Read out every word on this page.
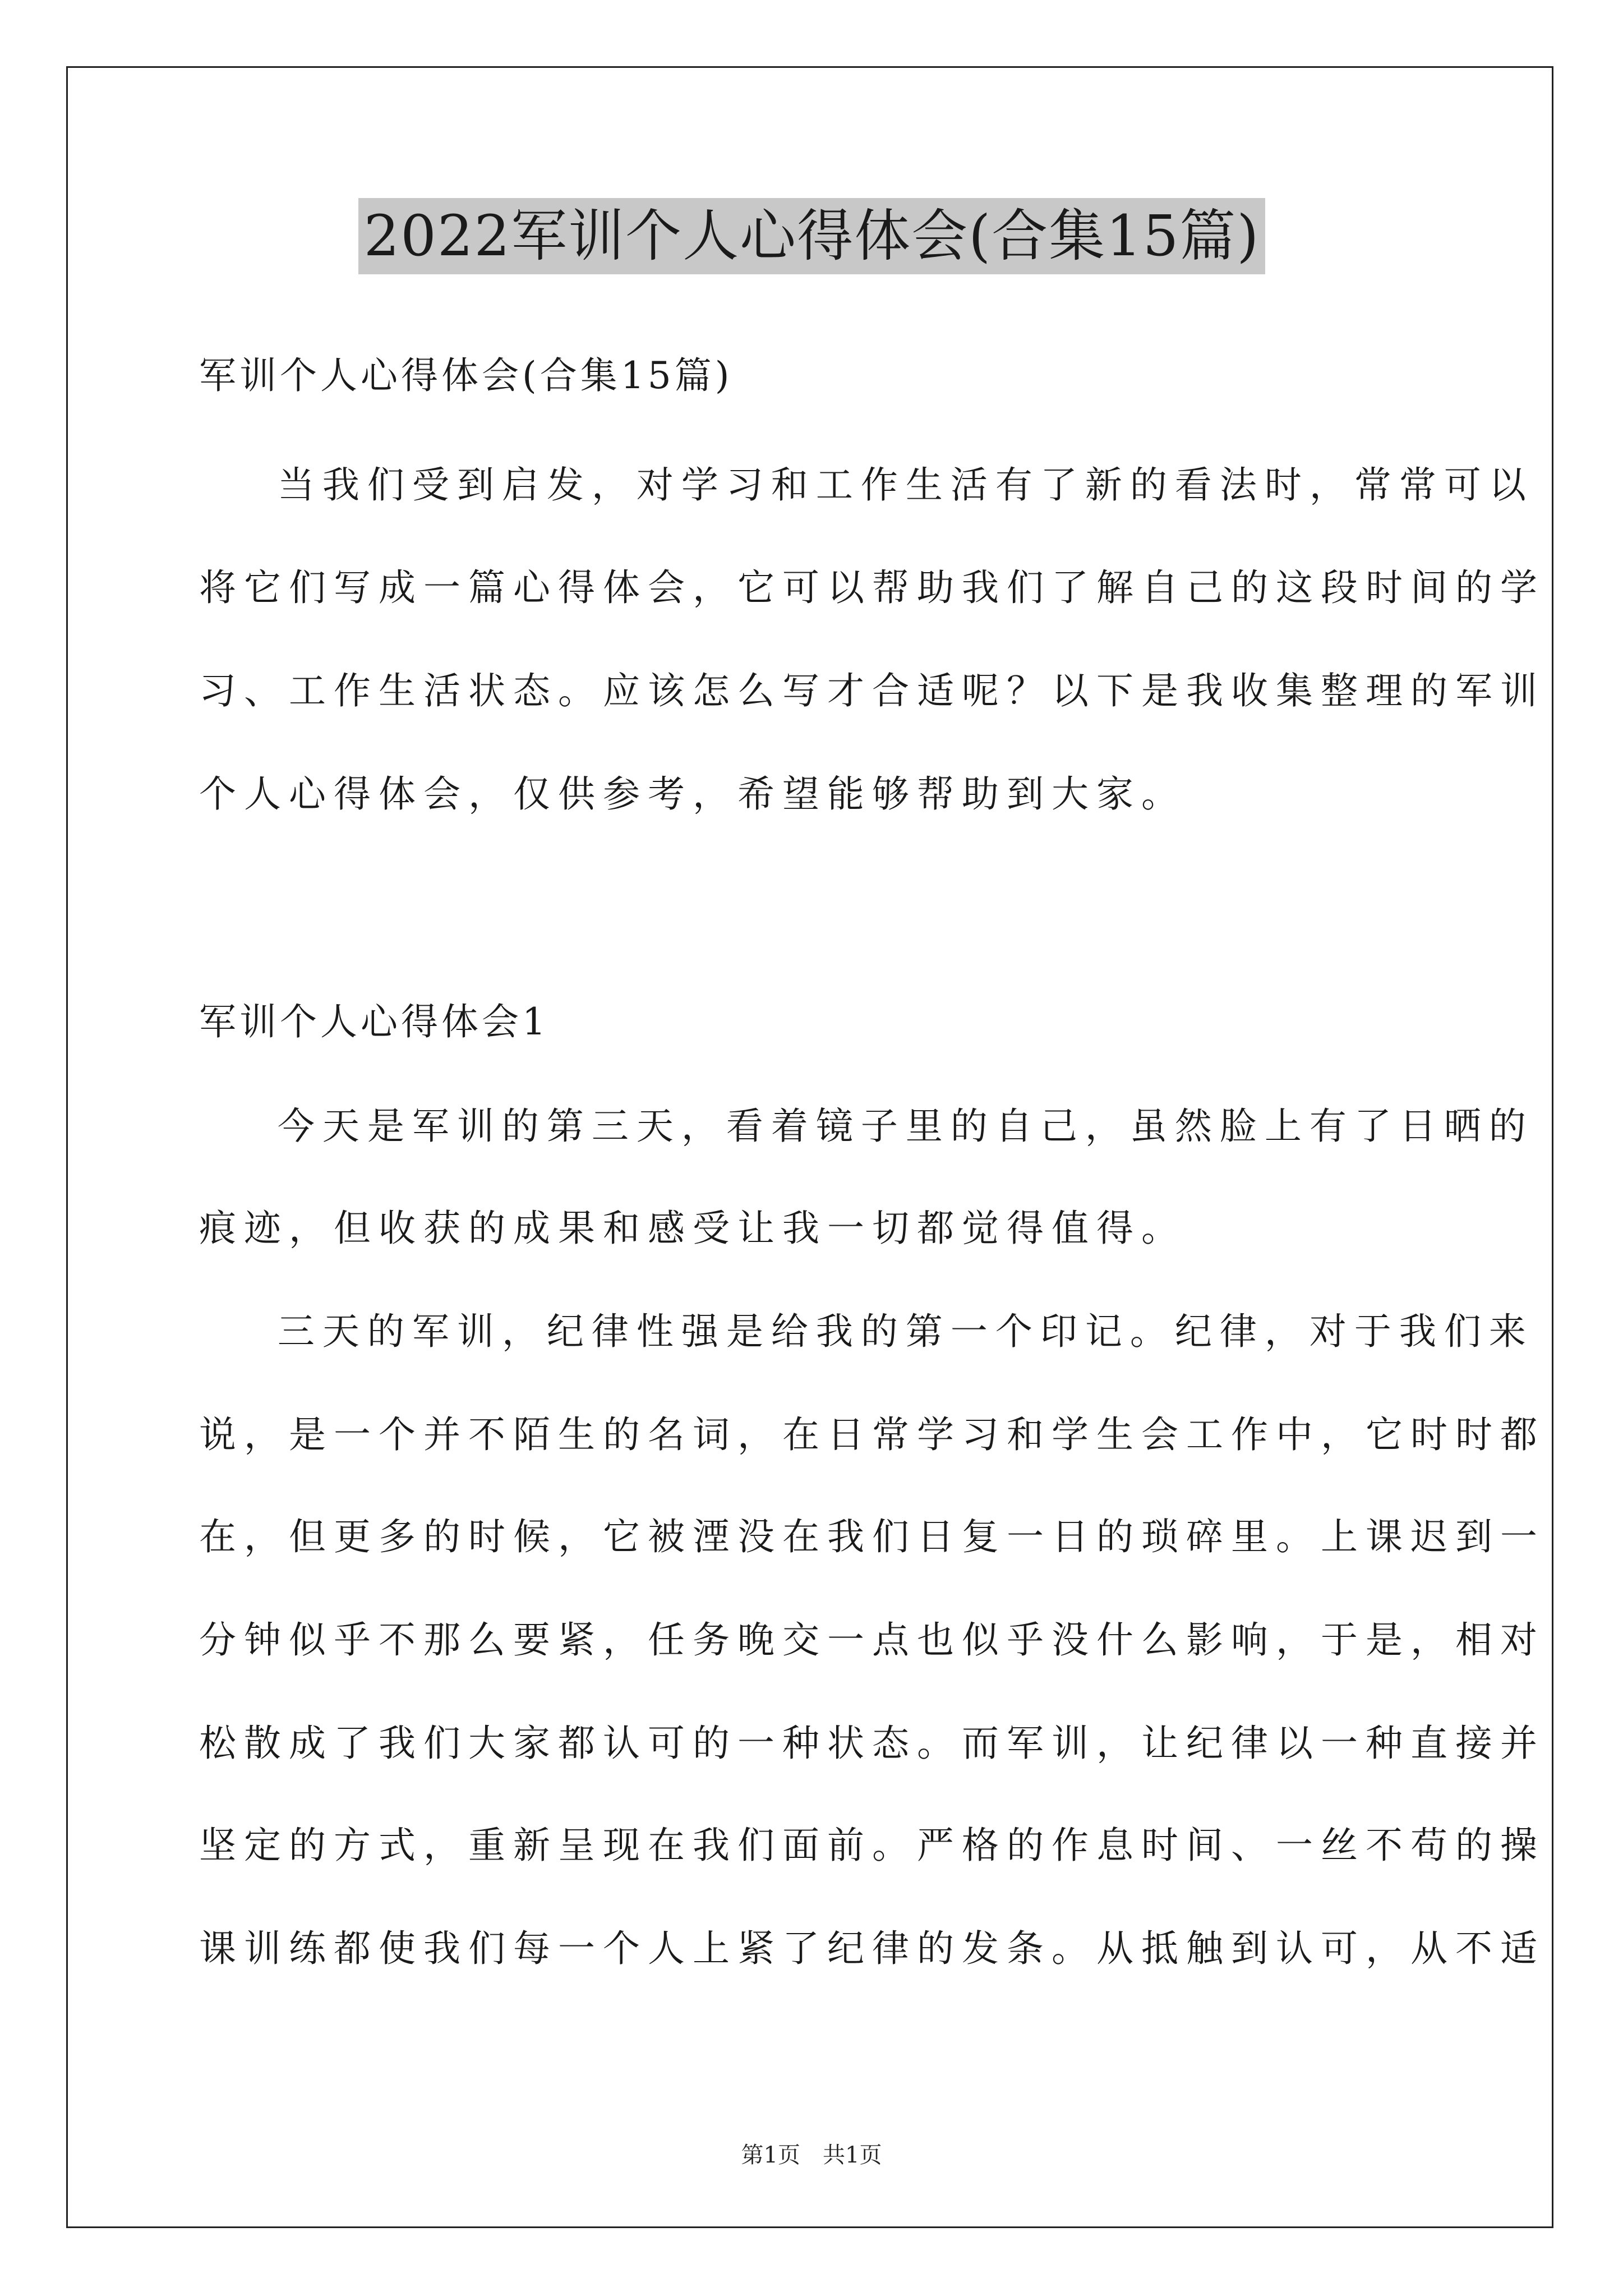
2022军训个人心得体会(合集15篇)
军训个人心得体会(合集15篇)
当我们受到启发，对学习和工作生活有了新的看法时，常常可以
将它们写成一篇心得体会，它可以帮助我们了解自己的这段时间的学
习、工作生活状态。应该怎么写才合适呢？以下是我收集整理的军训
个人心得体会，仅供参考，希望能够帮助到大家。
军训个人心得体会1
今天是军训的第三天，看着镜子里的自己，虽然脸上有了日晒的
痕迹，但收获的成果和感受让我一切都觉得值得。
三天的军训，纪律性强是给我的第一个印记。纪律，对于我们来
说，是一个并不陌生的名词，在日常学习和学生会工作中，它时时都
在，但更多的时候，它被湮没在我们日复一日的琐碎里。上课迟到一
分钟似乎不那么要紧，任务晚交一点也似乎没什么影响，于是，相对
松散成了我们大家都认可的一种状态。而军训，让纪律以一种直接并
坚定的方式，重新呈现在我们面前。严格的作息时间、一丝不苟的操
课训练都使我们每一个人上紧了纪律的发条。从抵触到认可，从不适
第1页 共1页
